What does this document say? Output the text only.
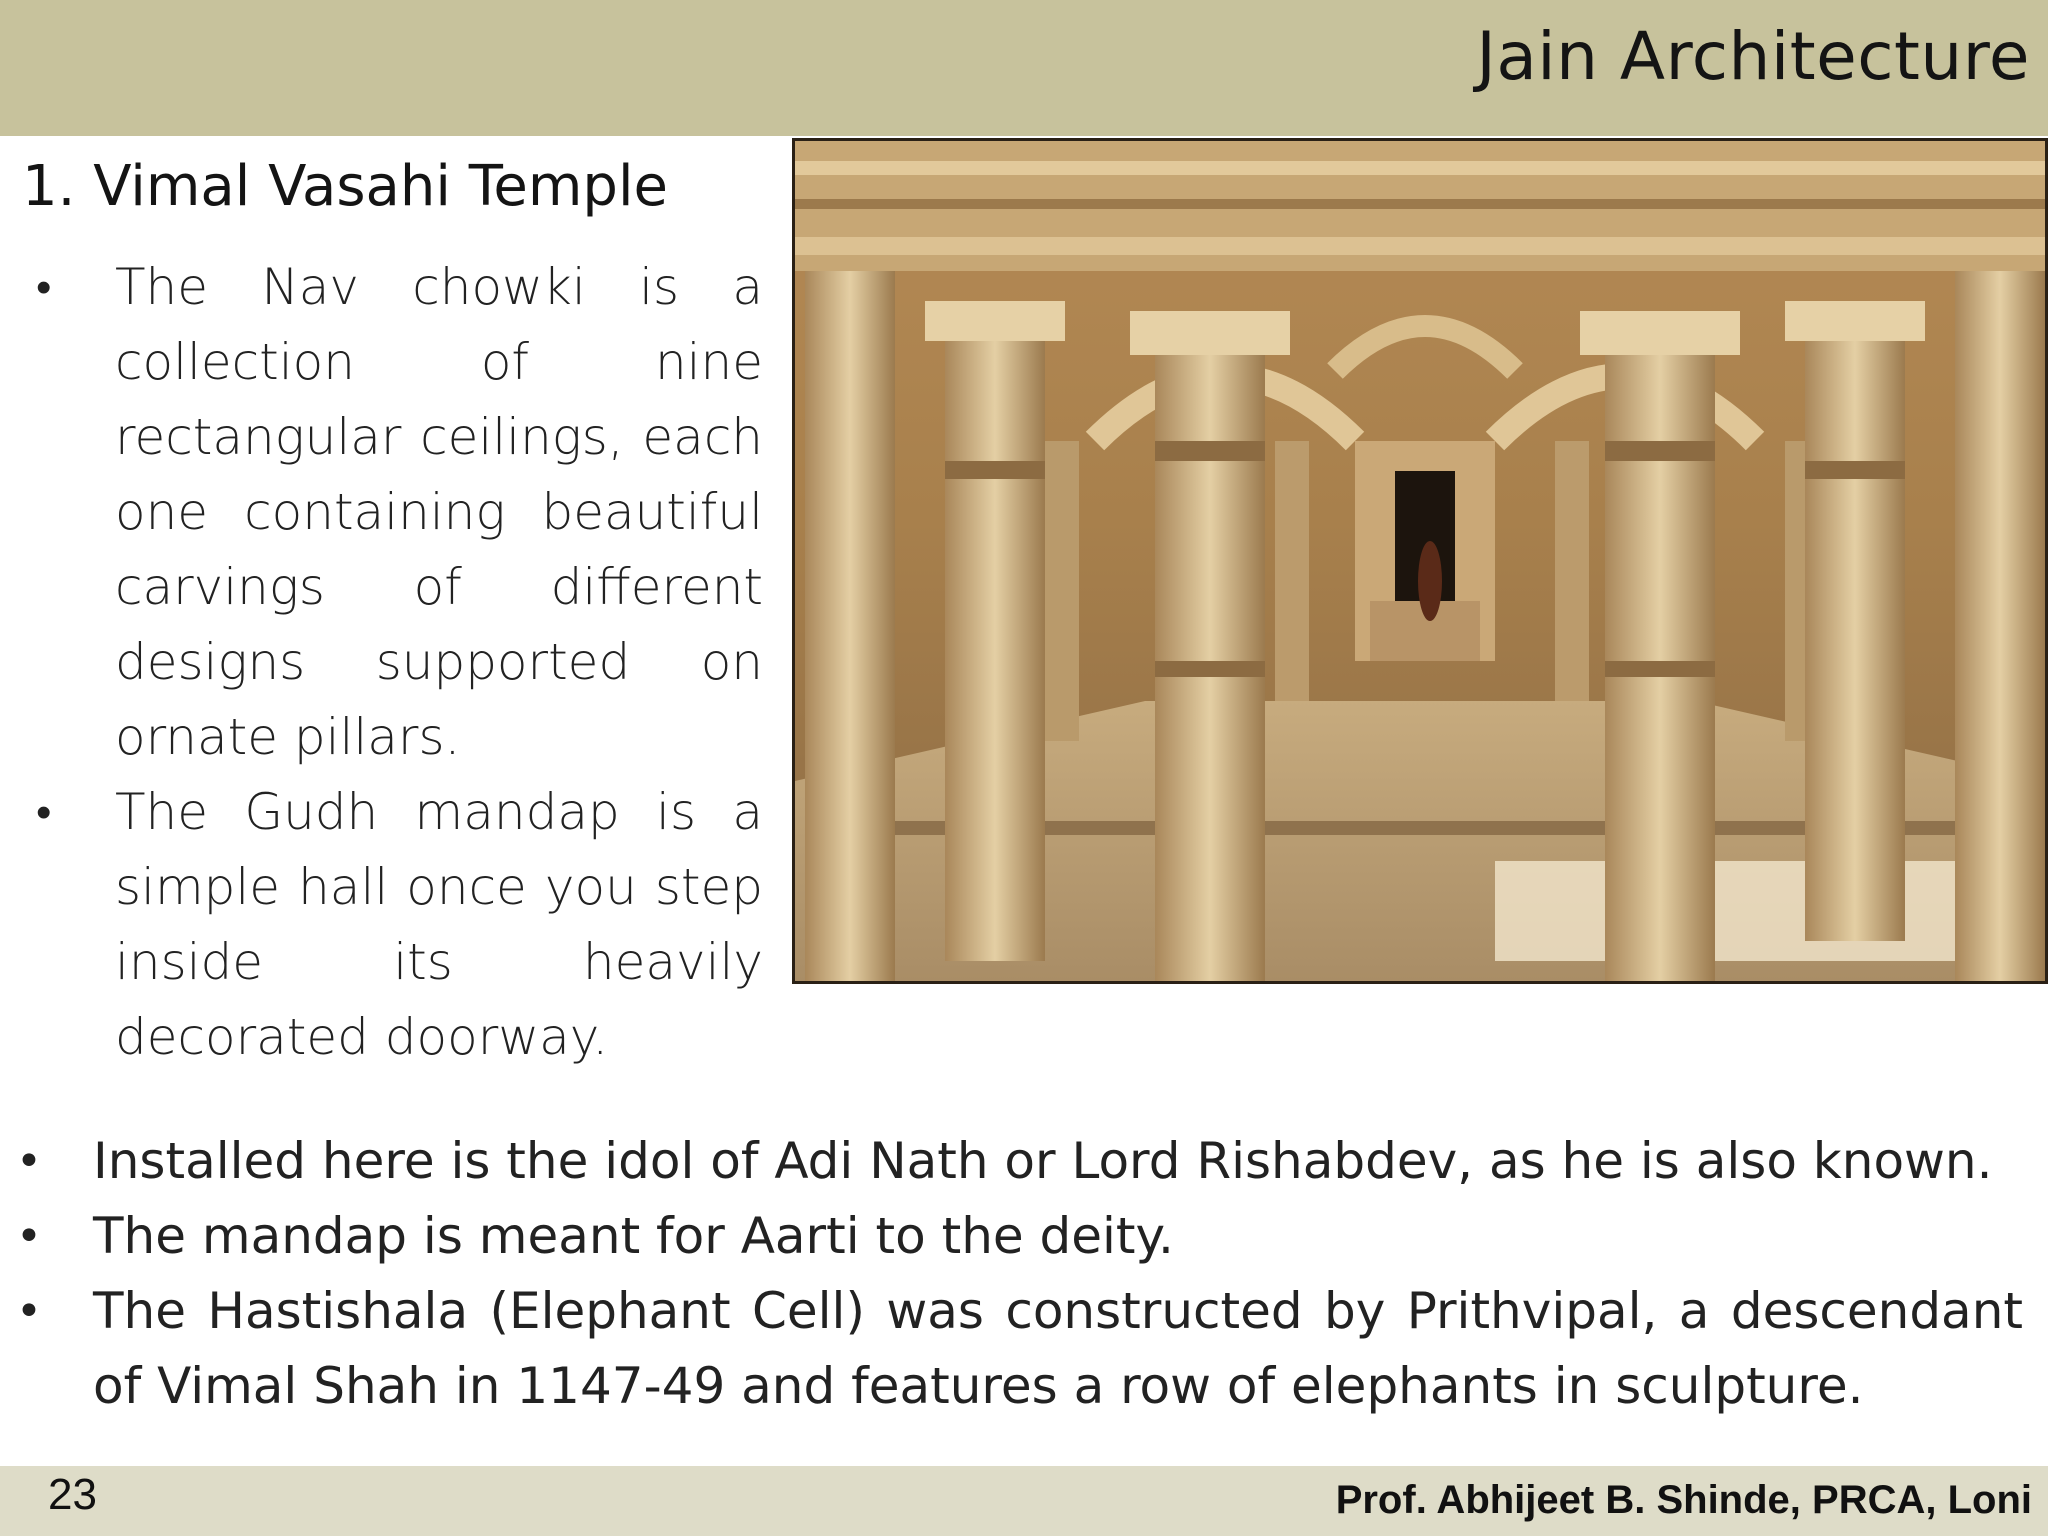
Jain Architecture
1. Vimal Vasahi Temple
• The Nav chowki is a collection of nine rectangular ceilings, each one containing beautiful carvings of different designs supported on ornate pillars.
• The Gudh mandap is a simple hall once you step inside its heavily decorated doorway.
• Installed here is the idol of Adi Nath or Lord Rishabdev, as he is also known.
• The mandap is meant for Aarti to the deity.
• The Hastishala (Elephant Cell) was constructed by Prithvipal, a descendant of Vimal Shah in 1147-49 and features a row of elephants in sculpture.
23	Prof. Abhijeet B. Shinde, PRCA, Loni
